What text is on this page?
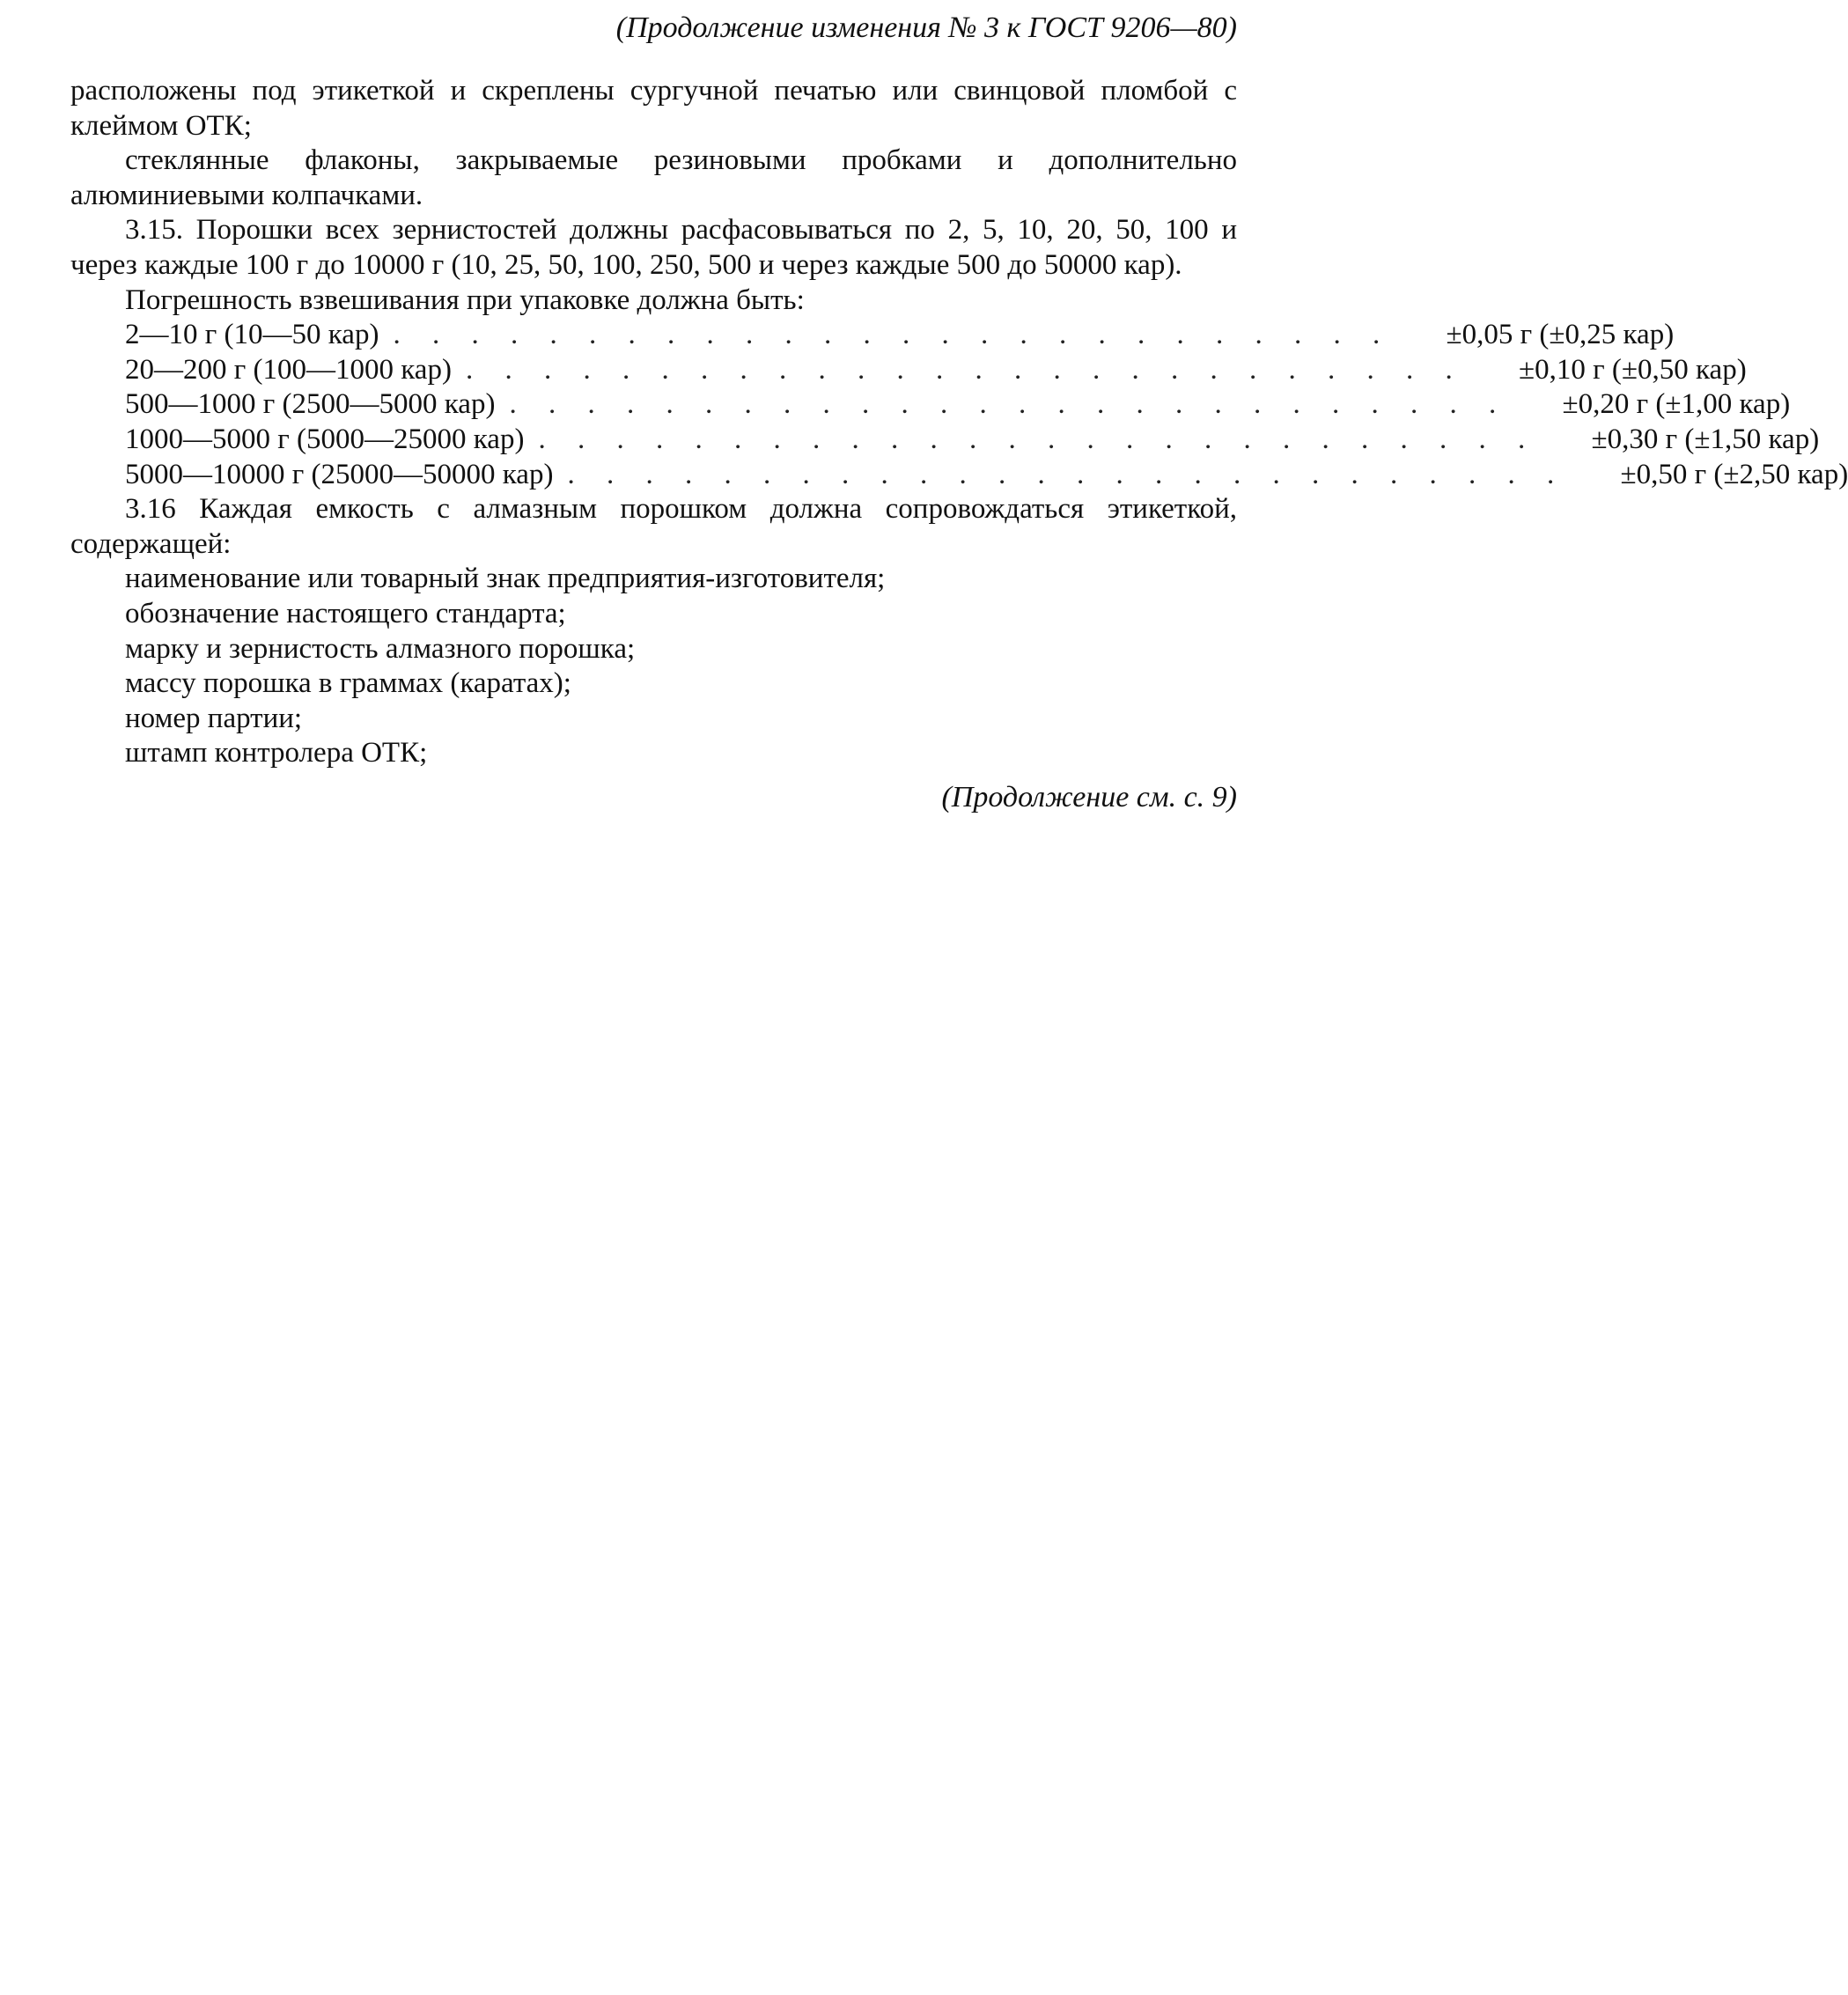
(Продолжение изменения № 3 к ГОСТ 9206—80)

расположены под этикеткой и скреплены сургучной печатью или свинцовой пломбой с клеймом ОТК;

стеклянные флаконы, закрываемые резиновыми пробками и дополнительно алюминиевыми колпачками.

3.15. Порошки всех зернистостей должны расфасовываться по 2, 5, 10, 20, 50, 100 и через каждые 100 г до 10000 г (10, 25, 50, 100, 250, 500 и через каждые 500 до 50000 кар).

Погрешность взвешивания при упаковке должна быть:

2—10 г (10—50 кар) . . . . . . . . . . . . . . . . . . . . . . . . . .	±0,05 г (±0,25 кар)
20—200 г (100—1000 кар) . . . . . . . . . . . . . . . . . . . . . . . . . .	±0,10 г (±0,50 кар)
500—1000 г (2500—5000 кар) . . . . . . . . . . . . . . . . . . . . . . . . . .	±0,20 г (±1,00 кар)
1000—5000 г (5000—25000 кар) . . . . . . . . . . . . . . . . . . . . . . . . . .	±0,30 г (±1,50 кар)
5000—10000 г (25000—50000 кар) . . . . . . . . . . . . . . . . . . . . . . . . . .	±0,50 г (±2,50 кар)

3.16 Каждая емкость с алмазным порошком должна сопровождаться этикеткой, содержащей:

наименование или товарный знак предприятия-изготовителя;
обозначение настоящего стандарта;
марку и зернистость алмазного порошка;
массу порошка в граммах (каратах);
номер партии;
штамп контролера ОТК;
(Продолжение см. с. 9)
